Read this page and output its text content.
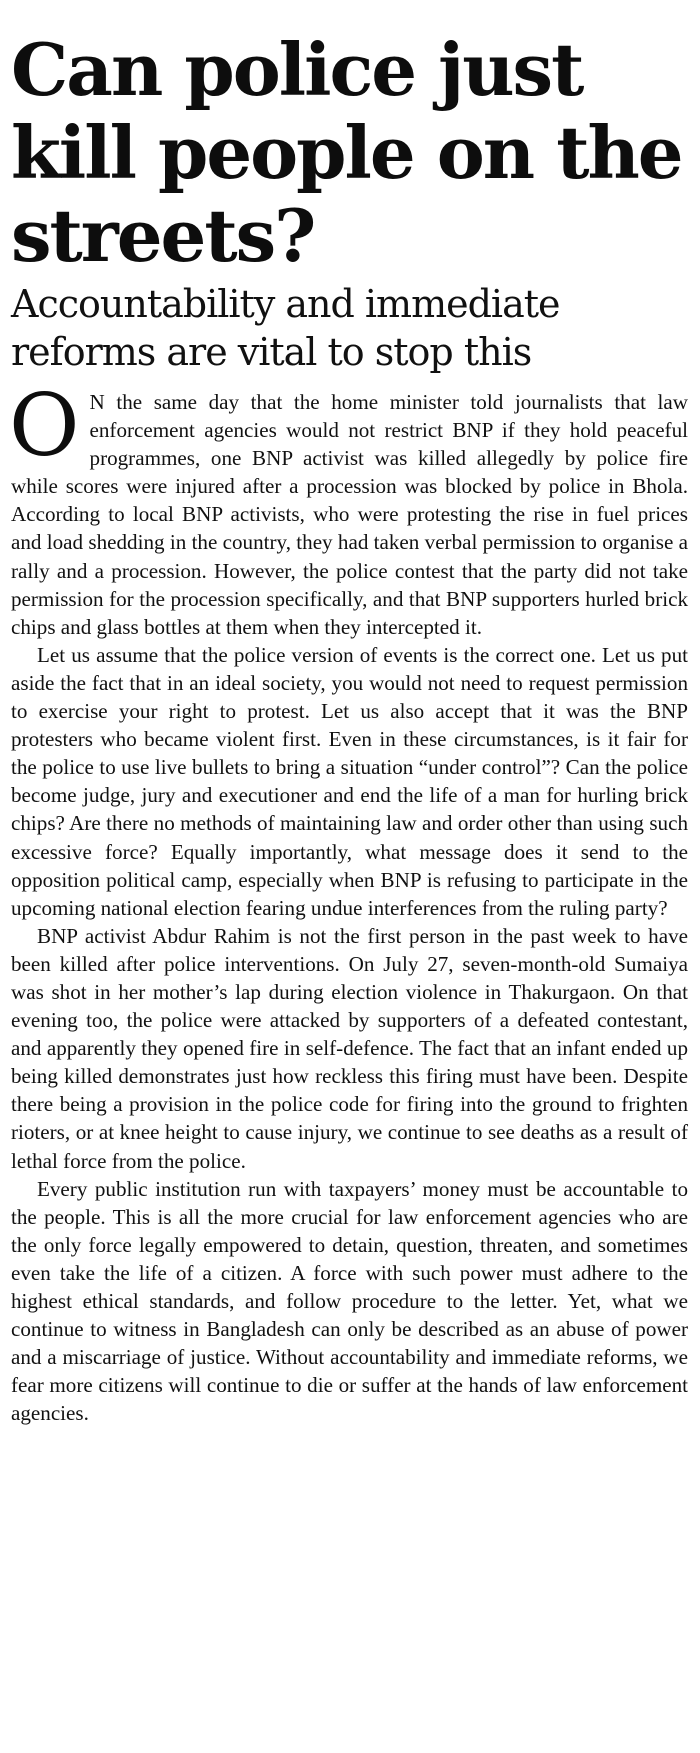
Can police just kill people on the streets?
Accountability and immediate reforms are vital to stop this

O N the same day that the home minister told journalists that law enforcement agencies would not restrict BNP if they hold peaceful programmes, one BNP activist was killed allegedly by police fire while scores were injured after a procession was blocked by police in Bhola. According to local BNP activists, who were protesting the rise in fuel prices and load shedding in the country, they had taken verbal permission to organise a rally and a procession. However, the police contest that the party did not take permission for the procession specifically, and that BNP supporters hurled brick chips and glass bottles at them when they intercepted it.

Let us assume that the police version of events is the correct one. Let us put aside the fact that in an ideal society, you would not need to request permission to exercise your right to protest. Let us also accept that it was the BNP protesters who became violent first. Even in these circumstances, is it fair for the police to use live bullets to bring a situation “under control”? Can the police become judge, jury and executioner and end the life of a man for hurling brick chips? Are there no methods of maintaining law and order other than using such excessive force? Equally importantly, what message does it send to the opposition political camp, especially when BNP is refusing to participate in the upcoming national election fearing undue interferences from the ruling party?

BNP activist Abdur Rahim is not the first person in the past week to have been killed after police interventions. On July 27, seven-month-old Sumaiya was shot in her mother’s lap during election violence in Thakurgaon. On that evening too, the police were attacked by supporters of a defeated contestant, and apparently they opened fire in self-defence. The fact that an infant ended up being killed demonstrates just how reckless this firing must have been. Despite there being a provision in the police code for firing into the ground to frighten rioters, or at knee height to cause injury, we continue to see deaths as a result of lethal force from the police.

Every public institution run with taxpayers’ money must be accountable to the people. This is all the more crucial for law enforcement agencies who are the only force legally empowered to detain, question, threaten, and sometimes even take the life of a citizen. A force with such power must adhere to the highest ethical standards, and follow procedure to the letter. Yet, what we continue to witness in Bangladesh can only be described as an abuse of power and a miscarriage of justice. Without accountability and immediate reforms, we fear more citizens will continue to die or suffer at the hands of law enforcement agencies.
